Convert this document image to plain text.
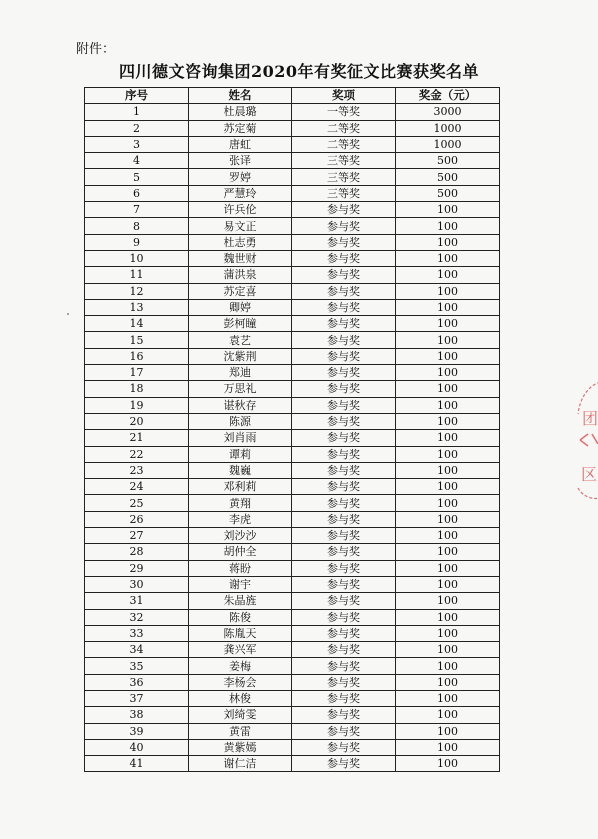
附件：
四川德文咨询集团2020年有奖征文比赛获奖名单
序号	姓名	奖项	奖金（元）
1	杜晨璐	一等奖	3000
2	苏定菊	二等奖	1000
3	唐虹	二等奖	1000
4	张译	三等奖	500
5	罗婷	三等奖	500
6	严慧玲	三等奖	500
7	许兵伦	参与奖	100
8	易文正	参与奖	100
9	杜志勇	参与奖	100
10	魏世财	参与奖	100
11	蒲洪泉	参与奖	100
12	苏定喜	参与奖	100
13	卿婷	参与奖	100
14	彭柯瞳	参与奖	100
15	袁艺	参与奖	100
16	沈紫荆	参与奖	100
17	郑迪	参与奖	100
18	万思礼	参与奖	100
19	谌秋存	参与奖	100
20	陈源	参与奖	100
21	刘肖雨	参与奖	100
22	谭莉	参与奖	100
23	魏巍	参与奖	100
24	邓利莉	参与奖	100
25	黄翔	参与奖	100
26	李虎	参与奖	100
27	刘沙沙	参与奖	100
28	胡仲全	参与奖	100
29	蒋盼	参与奖	100
30	谢宇	参与奖	100
31	朱晶旌	参与奖	100
32	陈俊	参与奖	100
33	陈胤天	参与奖	100
34	龚兴军	参与奖	100
35	姜梅	参与奖	100
36	李杨会	参与奖	100
37	林俊	参与奖	100
38	刘绮雯	参与奖	100
39	黄雷	参与奖	100
40	黄紫嫣	参与奖	100
41	谢仁洁	参与奖	100
团
区
